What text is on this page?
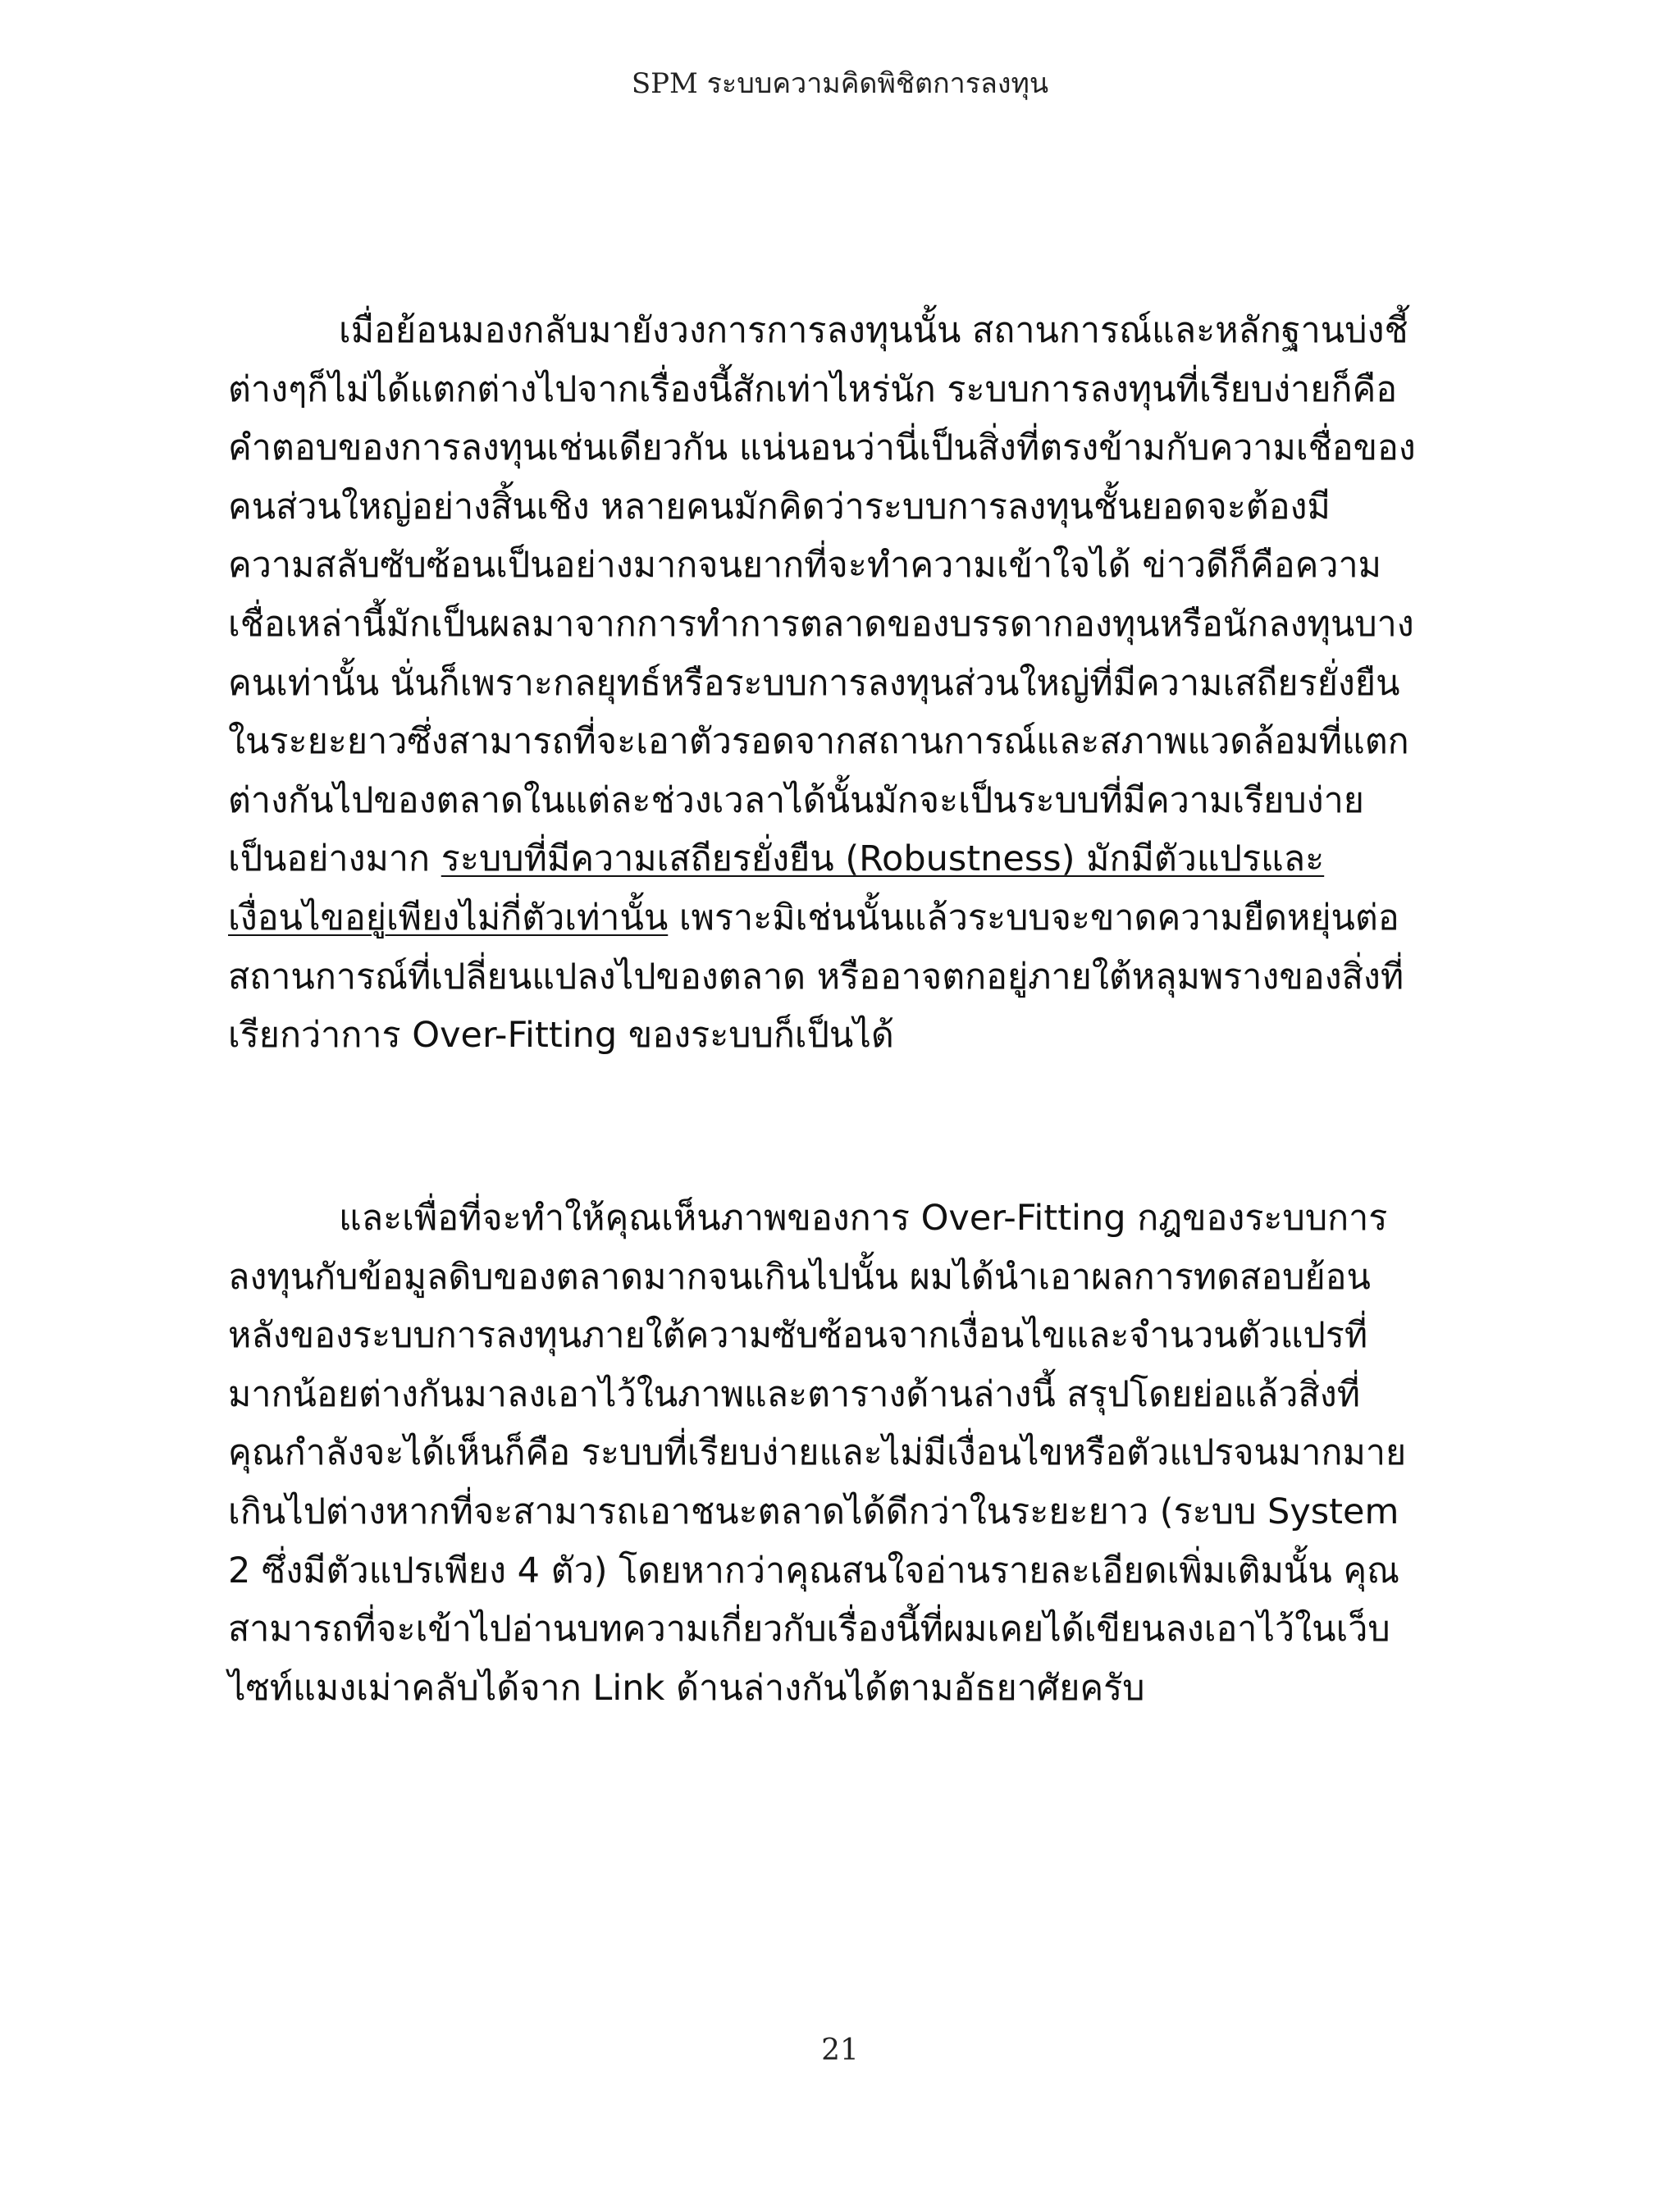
SPM ระบบความคิดพิชิตการลงทุน
เมื่อย้อนมองกลับมายังวงการการลงทุนนั้น สถานการณ์และหลักฐานบ่งชี้
ต่างๆก็ไม่ได้แตกต่างไปจากเรื่องนี้สักเท่าไหร่นัก ระบบการลงทุนที่เรียบง่ายก็คือ
คำตอบของการลงทุนเช่นเดียวกัน แน่นอนว่านี่เป็นสิ่งที่ตรงข้ามกับความเชื่อของ
คนส่วนใหญ่อย่างสิ้นเชิง หลายคนมักคิดว่าระบบการลงทุนชั้นยอดจะต้องมี
ความสลับซับซ้อนเป็นอย่างมากจนยากที่จะทำความเข้าใจได้ ข่าวดีก็คือความ
เชื่อเหล่านี้มักเป็นผลมาจากการทำการตลาดของบรรดากองทุนหรือนักลงทุนบาง
คนเท่านั้น นั่นก็เพราะกลยุทธ์หรือระบบการลงทุนส่วนใหญ่ที่มีความเสถียรยั่งยืน
ในระยะยาวซึ่งสามารถที่จะเอาตัวรอดจากสถานการณ์และสภาพแวดล้อมที่แตก
ต่างกันไปของตลาดในแต่ละช่วงเวลาได้นั้นมักจะเป็นระบบที่มีความเรียบง่าย
เป็นอย่างมาก ระบบที่มีความเสถียรยั่งยืน (Robustness) มักมีตัวแปรและ
เงื่อนไขอยู่เพียงไม่กี่ตัวเท่านั้น เพราะมิเช่นนั้นแล้วระบบจะขาดความยืดหยุ่นต่อ
สถานการณ์ที่เปลี่ยนแปลงไปของตลาด หรืออาจตกอยู่ภายใต้หลุมพรางของสิ่งที่
เรียกว่าการ Over-Fitting ของระบบก็เป็นได้
และเพื่อที่จะทำให้คุณเห็นภาพของการ Over-Fitting กฎของระบบการ
ลงทุนกับข้อมูลดิบของตลาดมากจนเกินไปนั้น ผมได้นำเอาผลการทดสอบย้อน
หลังของระบบการลงทุนภายใต้ความซับซ้อนจากเงื่อนไขและจำนวนตัวแปรที่
มากน้อยต่างกันมาลงเอาไว้ในภาพและตารางด้านล่างนี้ สรุปโดยย่อแล้วสิ่งที่
คุณกำลังจะได้เห็นก็คือ ระบบที่เรียบง่ายและไม่มีเงื่อนไขหรือตัวแปรจนมากมาย
เกินไปต่างหากที่จะสามารถเอาชนะตลาดได้ดีกว่าในระยะยาว (ระบบ System
2 ซึ่งมีตัวแปรเพียง 4 ตัว) โดยหากว่าคุณสนใจอ่านรายละเอียดเพิ่มเติมนั้น คุณ
สามารถที่จะเข้าไปอ่านบทความเกี่ยวกับเรื่องนี้ที่ผมเคยได้เขียนลงเอาไว้ในเว็บ
ไซท์แมงเม่าคลับได้จาก Link ด้านล่างกันได้ตามอัธยาศัยครับ
21
